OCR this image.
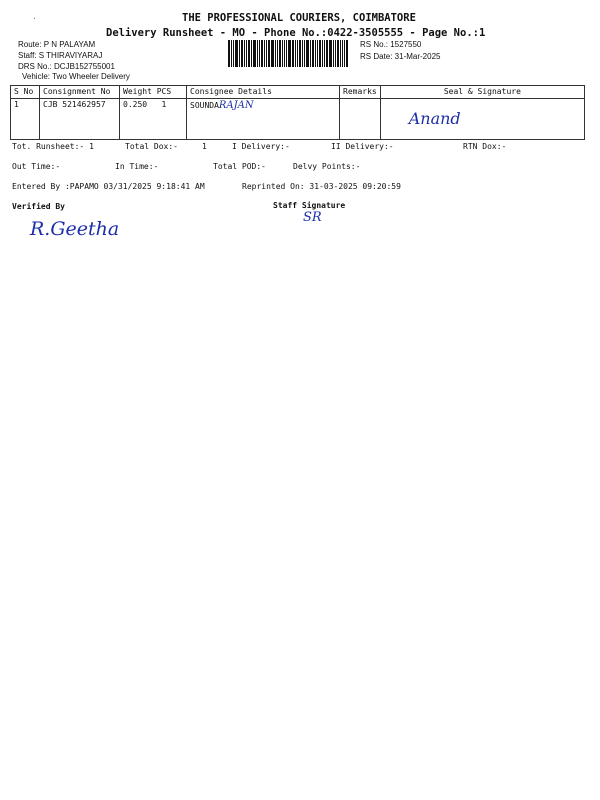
·	THE PROFESSIONAL COURIERS, COIMBATORE
Delivery Runsheet - MO - Phone No.:0422-3505555 - Page No.:1
Route: P N PALAYAM
Staff: S THIRAVIYARAJ
DRS No.: DCJB152755001
Vehicle: Two Wheeler Delivery
RS No.: 1527550
RS Date: 31-Mar-2025
S No	Consignment No	Weight PCS	Consignee Details	Remarks	Seal & Signature
1	CJB 521462957	0.250 1	SOUNDARAJAN		Anand
Tot. Runsheet:- 1	Total Dox:-	1	I Delivery:-	II Delivery:-	RTN Dox:-
Out Time:-	In Time:-	Total POD:-	Delvy Points:-
Entered By :PAPAMO 03/31/2025 9:18:41 AM	Reprinted On: 31-03-2025 09:20:59
Verified By
R.Geetha
Staff Signature
SR
